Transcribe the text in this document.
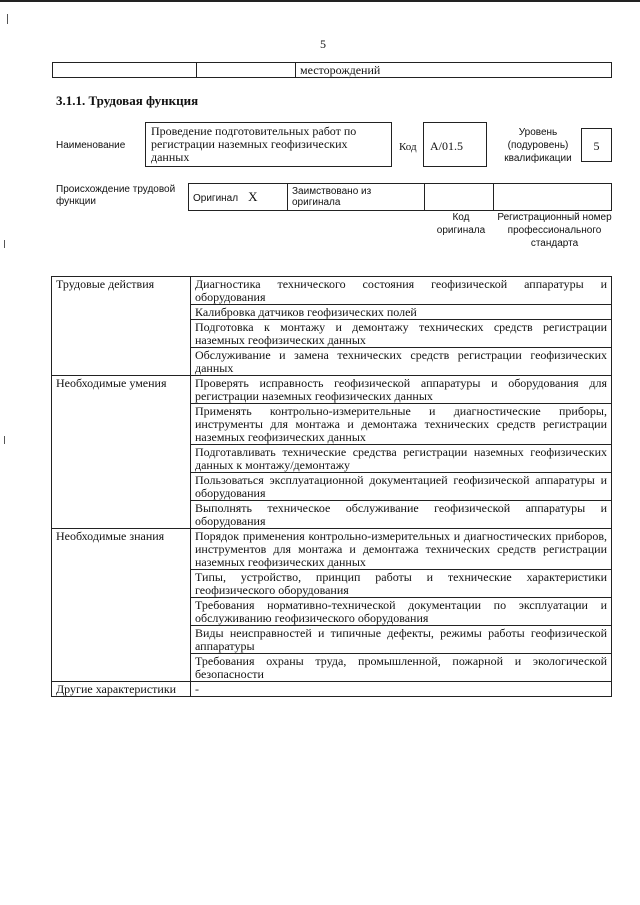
5
		месторождений
3.1.1. Трудовая функция
Наименование
Проведение подготовительных работ по регистрации наземных геофизических данных
Код	A/01.5
Уровень (подуровень) квалификации
5
Происхождение трудовой функции	Оригинал X	Заимствовано из оригинала		
Код оригинала
Регистрационный номер профессионального стандарта
Трудовые действия	Диагностика технического состояния геофизической аппаратуры и оборудования
	Калибровка датчиков геофизических полей
	Подготовка к монтажу и демонтажу технических средств регистрации наземных геофизических данных
	Обслуживание и замена технических средств регистрации геофизических данных
Необходимые умения	Проверять исправность геофизической аппаратуры и оборудования для регистрации наземных геофизических данных
	Применять контрольно-измерительные и диагностические приборы, инструменты для монтажа и демонтажа технических средств регистрации наземных геофизических данных
	Подготавливать технические средства регистрации наземных геофизических данных к монтажу/демонтажу
	Пользоваться эксплуатационной документацией геофизической аппаратуры и оборудования
	Выполнять техническое обслуживание геофизической аппаратуры и оборудования
Необходимые знания	Порядок применения контрольно-измерительных и диагностических приборов, инструментов для монтажа и демонтажа технических средств регистрации наземных геофизических данных
	Типы, устройство, принцип работы и технические характеристики геофизического оборудования
	Требования нормативно-технической документации по эксплуатации и обслуживанию геофизического оборудования
	Виды неисправностей и типичные дефекты, режимы работы геофизической аппаратуры
	Требования охраны труда, промышленной, пожарной и экологической безопасности
Другие характеристики	-
